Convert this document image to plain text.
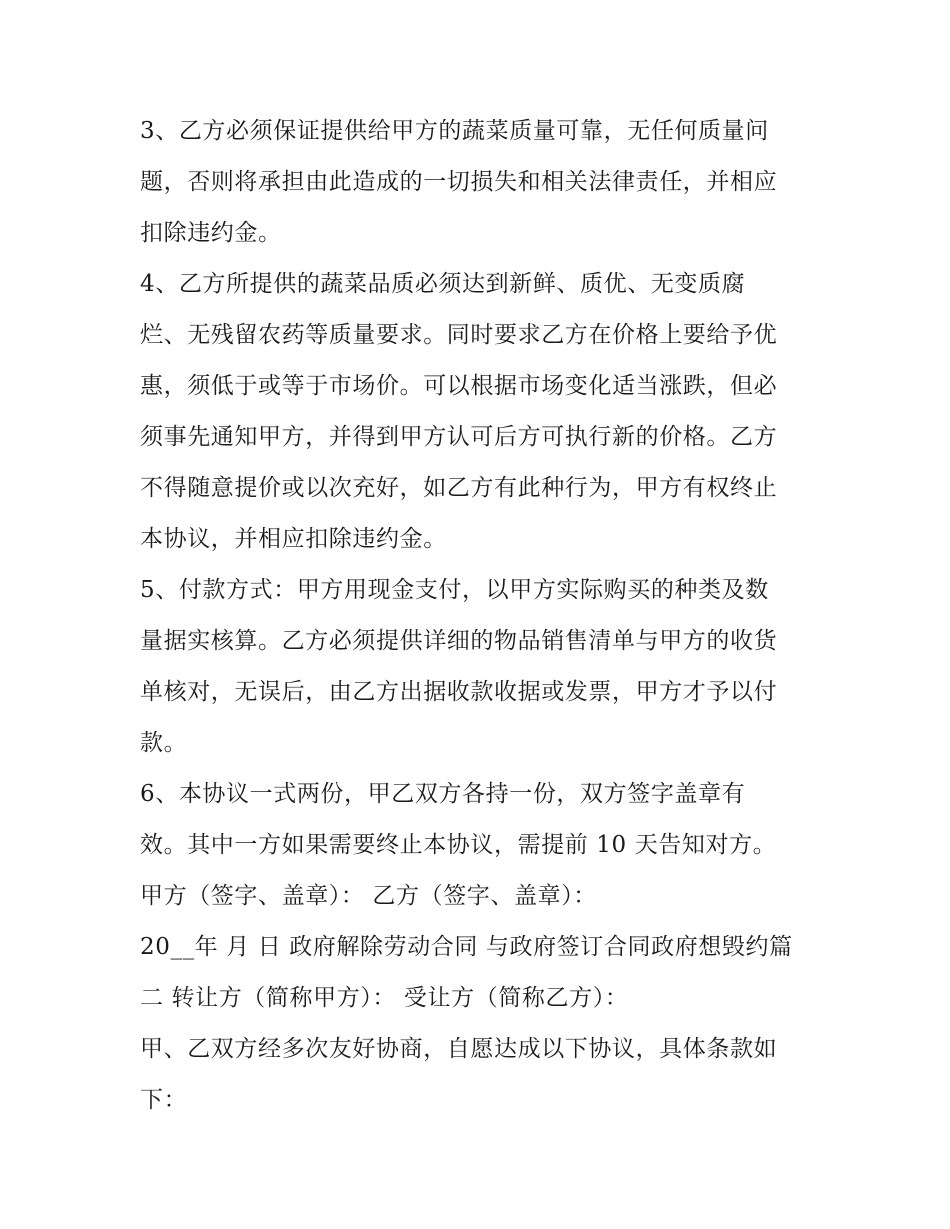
3、乙方必须保证提供给甲方的蔬菜质量可靠，无任何质量问
题，否则将承担由此造成的一切损失和相关法律责任，并相应
扣除违约金。
4、乙方所提供的蔬菜品质必须达到新鲜、质优、无变质腐
烂、无残留农药等质量要求。同时要求乙方在价格上要给予优
惠，须低于或等于市场价。可以根据市场变化适当涨跌，但必
须事先通知甲方，并得到甲方认可后方可执行新的价格。乙方
不得随意提价或以次充好，如乙方有此种行为，甲方有权终止
本协议，并相应扣除违约金。
5、付款方式：甲方用现金支付，以甲方实际购买的种类及数
量据实核算。乙方必须提供详细的物品销售清单与甲方的收货
单核对，无误后，由乙方出据收款收据或发票，甲方才予以付
款。
6、本协议一式两份，甲乙双方各持一份，双方签字盖章有
效。其中一方如果需要终止本协议，需提前 10 天告知对方。
甲方（签字、盖章）： 乙方（签字、盖章）：
20__年 月 日 政府解除劳动合同 与政府签订合同政府想毁约篇
二 转让方（简称甲方）： 受让方（简称乙方）：
甲、乙双方经多次友好协商，自愿达成以下协议，具体条款如
下：
